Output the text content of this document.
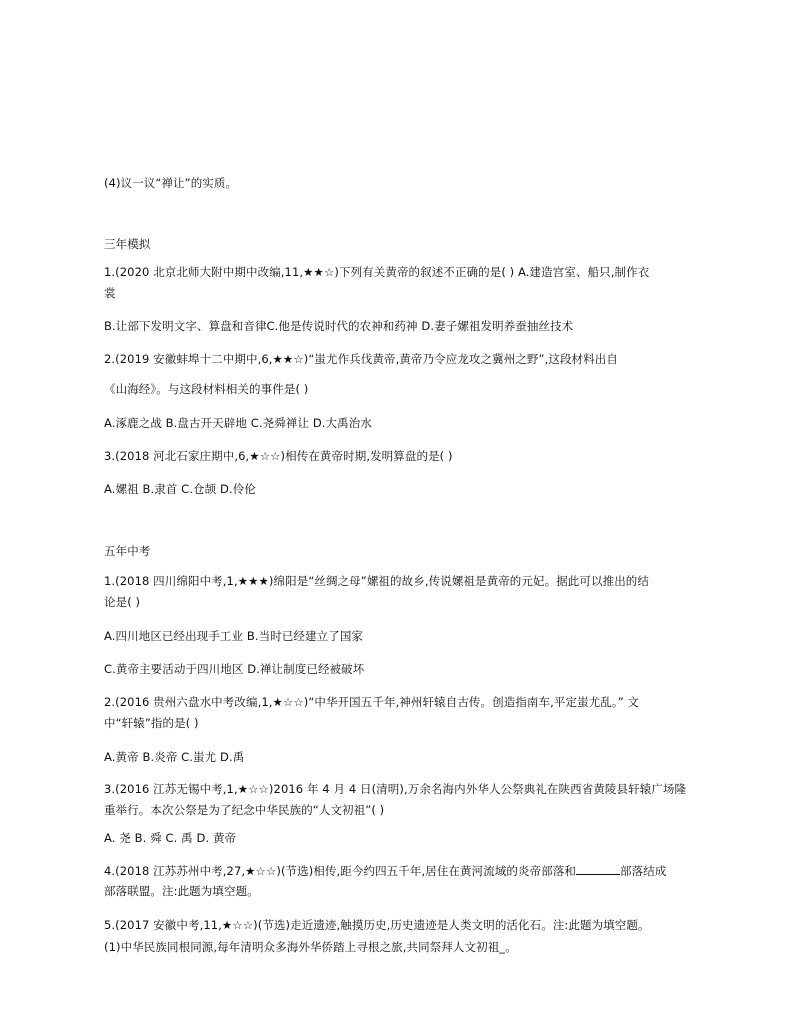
(4)议一议“禅让”的实质。
三年模拟
1.(2020 北京北师大附中期中改编,11,★★☆)下列有关黄帝的叙述不正确的是( ) A.建造宫室、船只,制作衣
裳
B.让部下发明文字、算盘和音律C.他是传说时代的农神和药神 D.妻子嫘祖发明养蚕抽丝技术
2.(2019 安徽蚌埠十二中期中,6,★★☆)“蚩尤作兵伐黄帝,黄帝乃令应龙攻之冀州之野”,这段材料出自
《山海经》。与这段材料相关的事件是( )
A.涿鹿之战 B.盘古开天辟地 C.尧舜禅让 D.大禹治水
3.(2018 河北石家庄期中,6,★☆☆)相传在黄帝时期,发明算盘的是( )
A.嫘祖 B.隶首 C.仓颉 D.伶伦
五年中考
1.(2018 四川绵阳中考,1,★★★)绵阳是“丝绸之母”嫘祖的故乡,传说嫘祖是黄帝的元妃。据此可以推出的结
论是( )
A.四川地区已经出现手工业 B.当时已经建立了国家
C.黄帝主要活动于四川地区 D.禅让制度已经被破坏
2.(2016 贵州六盘水中考改编,1,★☆☆)“中华开国五千年,神州轩辕自古传。创造指南车,平定蚩尤乱。” 文
中“轩辕”指的是( )
A.黄帝 B.炎帝 C.蚩尤 D.禹
3.(2016 江苏无锡中考,1,★☆☆)2016 年 4 月 4 日(清明),万余名海内外华人公祭典礼在陕西省黄陵县轩辕广场隆
重举行。本次公祭是为了纪念中华民族的“人文初祖”( )
A. 尧 B. 舜 C. 禹 D. 黄帝
4.(2018 江苏苏州中考,27,★☆☆)(节选)相传,距今约四五千年,居住在黄河流域的炎帝部落和	部落结成
部落联盟。注:此题为填空题。
5.(2017 安徽中考,11,★☆☆)(节选)走近遗迹,触摸历史,历史遗迹是人类文明的活化石。注:此题为填空题。
(1)中华民族同根同源,每年清明众多海外华侨踏上寻根之旅,共同祭拜人文初祖_。
